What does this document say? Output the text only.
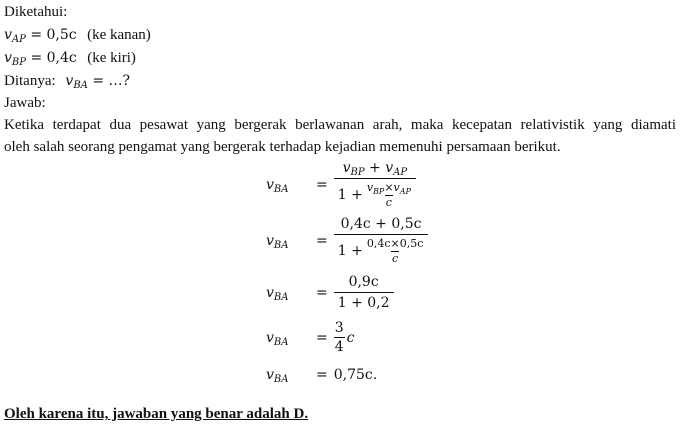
Diketahui:
$v_{AP} = 0,5c$ (ke kanan)
$v_{BP} = 0,4c$ (ke kiri)
Ditanya: $v_{BA}$ = …?
Jawab:
Ketika terdapat dua pesawat yang bergerak berlawanan arah, maka kecepatan relativistik yang diamati
oleh salah seorang pengamat yang bergerak terhadap kejadian memenuhi persamaan berikut.
$v_{BA}$	= $\frac{v_{BP} + v_{AP}}{1 + \frac{v_{BP}\times v_{AP}}{c}}$
$v_{BA}$	= $\frac{0,4c + 0,5c}{1 + \frac{0,4c\times 0,5c}{c}}$
$v_{BA}$	= $\frac{0,9c}{1 + 0,2}$
$v_{BA}$	= $\frac{3}{4}$ c
$v_{BA}$	= 0,75c.
Oleh karena itu, jawaban yang benar adalah D.
